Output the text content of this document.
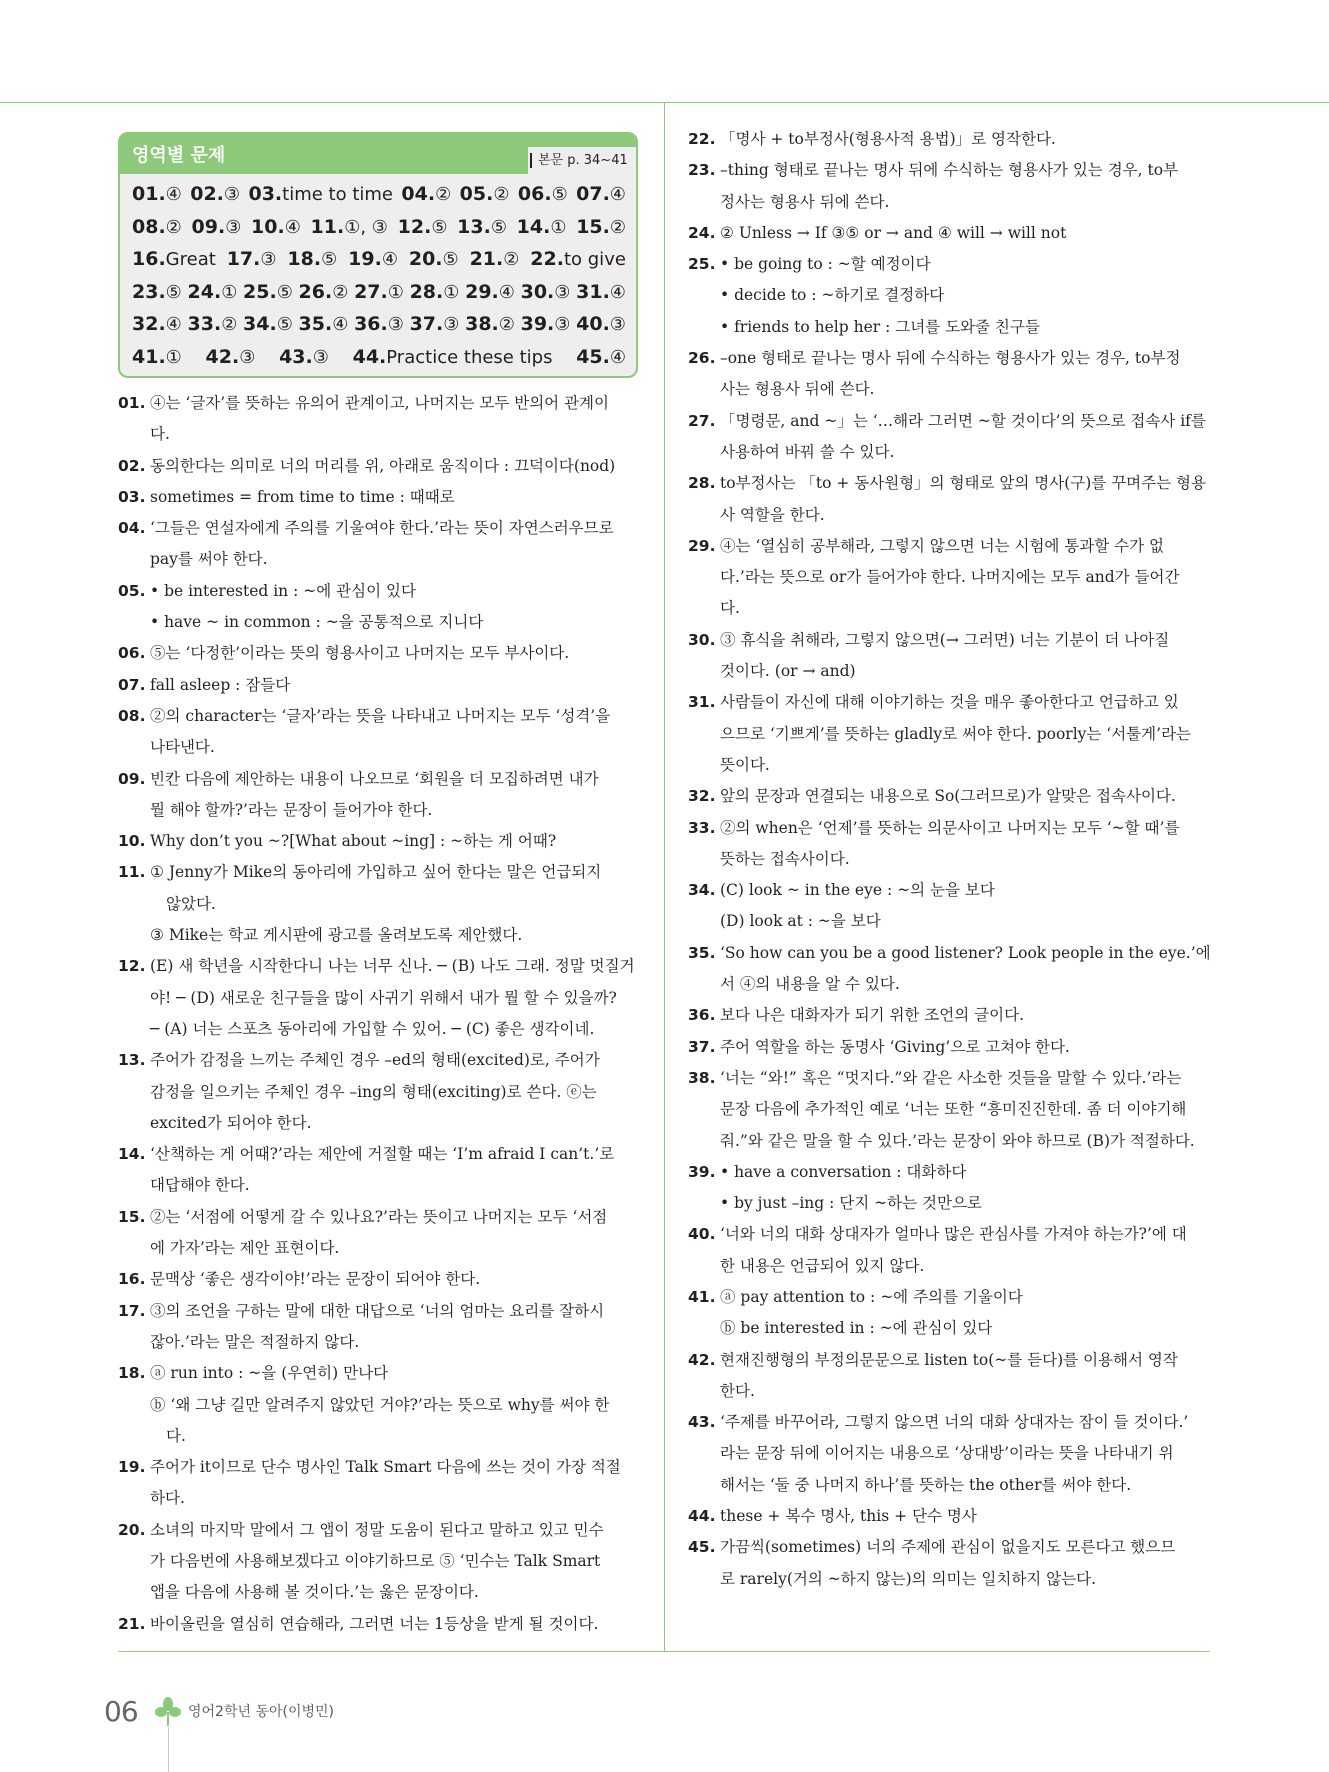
영역별 문제	본문 p. 34~41
01.④ 02.③ 03.time to time 04.② 05.② 06.⑤ 07.④
08.② 09.③ 10.④ 11.①, ③ 12.⑤ 13.⑤ 14.① 15.②
16.Great 17.③ 18.⑤ 19.④ 20.⑤ 21.② 22.to give
23.⑤ 24.① 25.⑤ 26.② 27.① 28.① 29.④ 30.③ 31.④
32.④ 33.② 34.⑤ 35.④ 36.③ 37.③ 38.② 39.③ 40.③
41.① 42.③ 43.③ 44.Practice these tips 45.④
01. ④는 ‘글자’를 뜻하는 유의어 관계이고, 나머지는 모두 반의어 관계이
다.
02. 동의한다는 의미로 너의 머리를 위, 아래로 움직이다 : 끄덕이다(nod)
03. sometimes = from time to time : 때때로
04. ‘그들은 연설자에게 주의를 기울여야 한다.’라는 뜻이 자연스러우므로
pay를 써야 한다.
05. • be interested in : ~에 관심이 있다
• have ~ in common : ~을 공통적으로 지니다
06. ⑤는 ‘다정한’이라는 뜻의 형용사이고 나머지는 모두 부사이다.
07. fall asleep : 잠들다
08. ②의 character는 ‘글자’라는 뜻을 나타내고 나머지는 모두 ‘성격’을
나타낸다.
09. 빈칸 다음에 제안하는 내용이 나오므로 ‘회원을 더 모집하려면 내가
뭘 해야 할까?’라는 문장이 들어가야 한다.
10. Why don’t you ~?[What about ~ing] : ~하는 게 어때?
11. ① Jenny가 Mike의 동아리에 가입하고 싶어 한다는 말은 언급되지
않았다.
③ Mike는 학교 게시판에 광고를 올려보도록 제안했다.
12. (E) 새 학년을 시작한다니 나는 너무 신나. ─ (B) 나도 그래. 정말 멋질거
야! ─ (D) 새로운 친구들을 많이 사귀기 위해서 내가 뭘 할 수 있을까?
─ (A) 너는 스포츠 동아리에 가입할 수 있어. ─ (C) 좋은 생각이네.
13. 주어가 감정을 느끼는 주체인 경우 –ed의 형태(excited)로, 주어가
감정을 일으키는 주체인 경우 –ing의 형태(exciting)로 쓴다. ⓔ는
excited가 되어야 한다.
14. ‘산책하는 게 어때?’라는 제안에 거절할 때는 ‘I’m afraid I can’t.’로
대답해야 한다.
15. ②는 ‘서점에 어떻게 갈 수 있나요?’라는 뜻이고 나머지는 모두 ‘서점
에 가자’라는 제안 표현이다.
16. 문맥상 ‘좋은 생각이야!’라는 문장이 되어야 한다.
17. ③의 조언을 구하는 말에 대한 대답으로 ‘너의 엄마는 요리를 잘하시
잖아.’라는 말은 적절하지 않다.
18. ⓐ run into : ~을 (우연히) 만나다
ⓑ ‘왜 그냥 길만 알려주지 않았던 거야?’라는 뜻으로 why를 써야 한
다.
19. 주어가 it이므로 단수 명사인 Talk Smart 다음에 쓰는 것이 가장 적절
하다.
20. 소녀의 마지막 말에서 그 앱이 정말 도움이 된다고 말하고 있고 민수
가 다음번에 사용해보겠다고 이야기하므로 ⑤ ‘민수는 Talk Smart
앱을 다음에 사용해 볼 것이다.’는 옳은 문장이다.
21. 바이올린을 열심히 연습해라, 그러면 너는 1등상을 받게 될 것이다.
22. 「명사 + to부정사(형용사적 용법)」로 영작한다.
23. –thing 형태로 끝나는 명사 뒤에 수식하는 형용사가 있는 경우, to부
정사는 형용사 뒤에 쓴다.
24. ② Unless → If ③⑤ or → and ④ will → will not
25. • be going to : ~할 예정이다
• decide to : ~하기로 결정하다
• friends to help her : 그녀를 도와줄 친구들
26. –one 형태로 끝나는 명사 뒤에 수식하는 형용사가 있는 경우, to부정
사는 형용사 뒤에 쓴다.
27. 「명령문, and ~」는 ‘…해라 그러면 ~할 것이다’의 뜻으로 접속사 if를
사용하여 바꿔 쓸 수 있다.
28. to부정사는 「to + 동사원형」의 형태로 앞의 명사(구)를 꾸며주는 형용
사 역할을 한다.
29. ④는 ‘열심히 공부해라, 그렇지 않으면 너는 시험에 통과할 수가 없
다.’라는 뜻으로 or가 들어가야 한다. 나머지에는 모두 and가 들어간
다.
30. ③ 휴식을 취해라, 그렇지 않으면(→ 그러면) 너는 기분이 더 나아질
것이다. (or → and)
31. 사람들이 자신에 대해 이야기하는 것을 매우 좋아한다고 언급하고 있
으므로 ‘기쁘게’를 뜻하는 gladly로 써야 한다. poorly는 ‘서툴게’라는
뜻이다.
32. 앞의 문장과 연결되는 내용으로 So(그러므로)가 알맞은 접속사이다.
33. ②의 when은 ‘언제’를 뜻하는 의문사이고 나머지는 모두 ‘~할 때’를
뜻하는 접속사이다.
34. (C) look ~ in the eye : ~의 눈을 보다
(D) look at : ~을 보다
35. ‘So how can you be a good listener? Look people in the eye.’에
서 ④의 내용을 알 수 있다.
36. 보다 나은 대화자가 되기 위한 조언의 글이다.
37. 주어 역할을 하는 동명사 ‘Giving’으로 고쳐야 한다.
38. ‘너는 “와!” 혹은 “멋지다.”와 같은 사소한 것들을 말할 수 있다.’라는
문장 다음에 추가적인 예로 ‘너는 또한 “흥미진진한데. 좀 더 이야기해
줘.”와 같은 말을 할 수 있다.’라는 문장이 와야 하므로 (B)가 적절하다.
39. • have a conversation : 대화하다
• by just –ing : 단지 ~하는 것만으로
40. ‘너와 너의 대화 상대자가 얼마나 많은 관심사를 가져야 하는가?’에 대
한 내용은 언급되어 있지 않다.
41. ⓐ pay attention to : ~에 주의를 기울이다
ⓑ be interested in : ~에 관심이 있다
42. 현재진행형의 부정의문문으로 listen to(~를 듣다)를 이용해서 영작
한다.
43. ‘주제를 바꾸어라, 그렇지 않으면 너의 대화 상대자는 잠이 들 것이다.’
라는 문장 뒤에 이어지는 내용으로 ‘상대방’이라는 뜻을 나타내기 위
해서는 ‘둘 중 나머지 하나’를 뜻하는 the other를 써야 한다.
44. these + 복수 명사, this + 단수 명사
45. 가끔씩(sometimes) 너의 주제에 관심이 없을지도 모른다고 했으므
로 rarely(거의 ~하지 않는)의 의미는 일치하지 않는다.
06	영어2학년 동아(이병민)
